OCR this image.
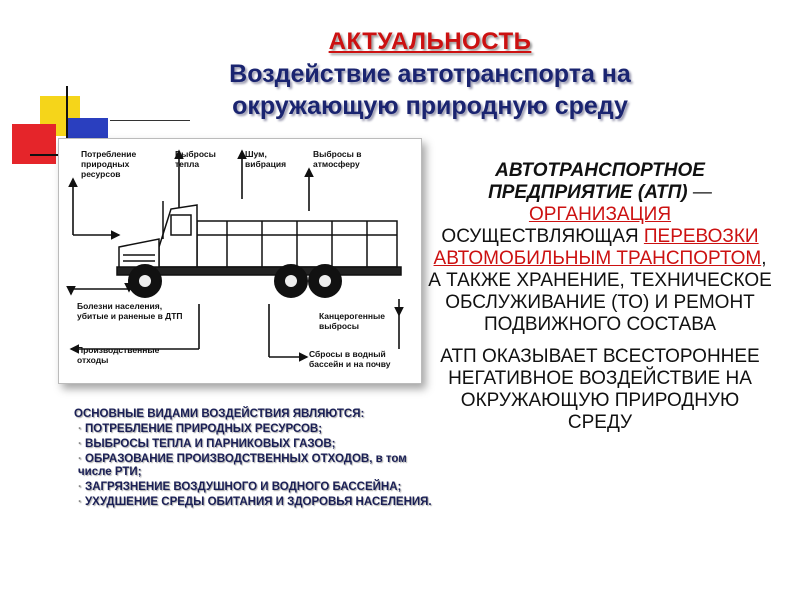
АКТУАЛЬНОСТЬ
Воздействие автотранспорта на
окружающую природную среду
Потребление природных ресурсов
Выбросы тепла
Шум, вибрация
Выбросы в атмосферу
Болезни населения, убитые и раненые в ДТП
Производственные отходы
Канцерогенные выбросы
Сбросы в водный бассейн и на почву
АВТОТРАНСПОРТНОЕ ПРЕДПРИЯТИЕ (АТП) — ОРГАНИЗАЦИЯ ОСУЩЕСТВЛЯЮЩАЯ ПЕРЕВОЗКИ АВТОМОБИЛЬНЫМ ТРАНСПОРТОМ, А ТАКЖЕ ХРАНЕНИЕ, ТЕХНИЧЕСКОЕ ОБСЛУЖИВАНИЕ (ТО) И РЕМОНТ ПОДВИЖНОГО СОСТАВА
АТП ОКАЗЫВАЕТ ВСЕСТОРОННЕЕ НЕГАТИВНОЕ ВОЗДЕЙСТВИЕ НА ОКРУЖАЮЩУЮ ПРИРОДНУЮ СРЕДУ
ОСНОВНЫЕ ВИДАМИ ВОЗДЕЙСТВИЯ ЯВЛЯЮТСЯ:
· ПОТРЕБЛЕНИЕ ПРИРОДНЫХ РЕСУРСОВ;
· ВЫБРОСЫ ТЕПЛА И ПАРНИКОВЫХ ГАЗОВ;
· ОБРАЗОВАНИЕ ПРОИЗВОДСТВЕННЫХ ОТХОДОВ, в том числе РТИ;
· ЗАГРЯЗНЕНИЕ ВОЗДУШНОГО И ВОДНОГО БАССЕЙНА;
· УХУДШЕНИЕ СРЕДЫ ОБИТАНИЯ И ЗДОРОВЬЯ НАСЕЛЕНИЯ.
